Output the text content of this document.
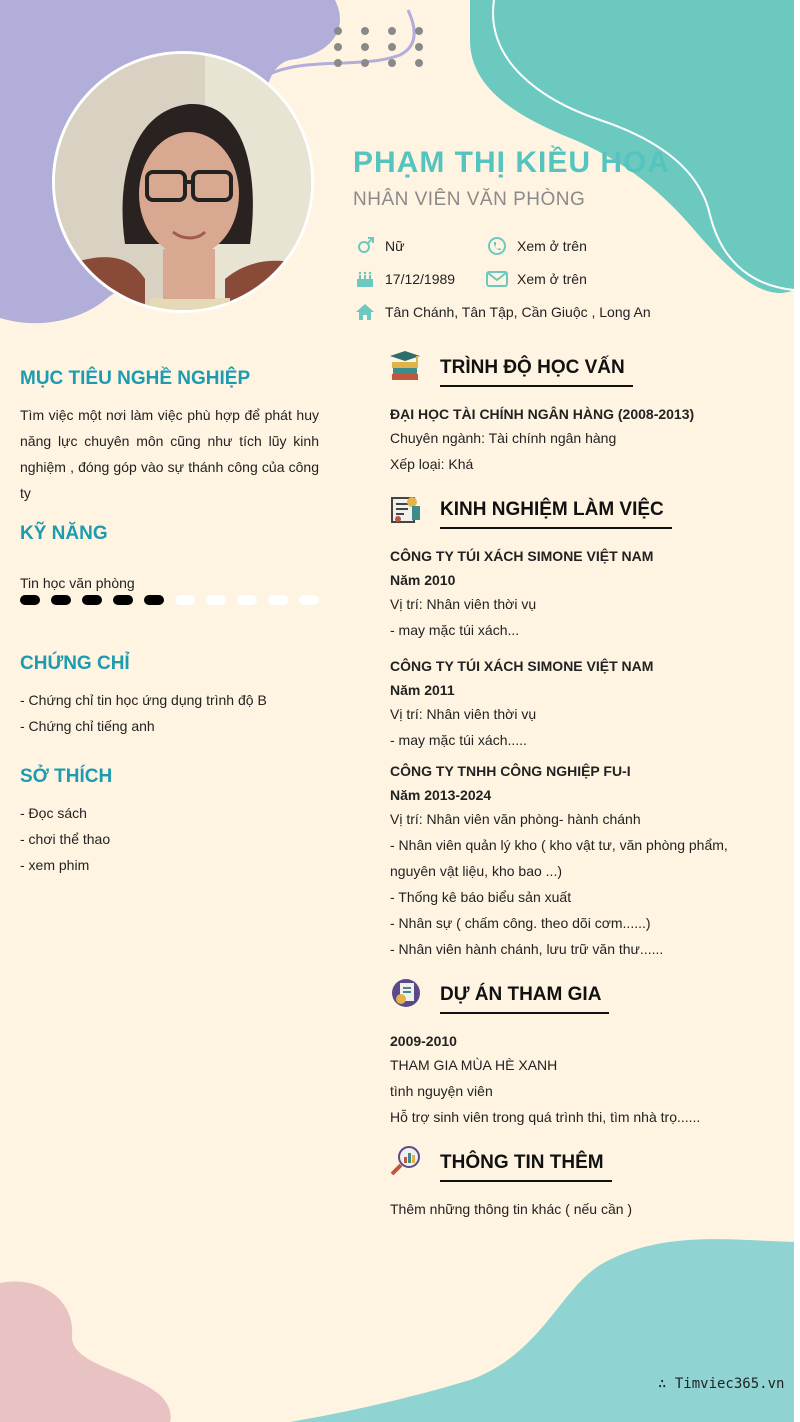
PHẠM THỊ KIỀU HOA
NHÂN VIÊN VĂN PHÒNG
Nữ	Xem ở trên
17/12/1989	Xem ở trên
Tân Chánh, Tân Tập, Cần Giuộc , Long An
MỤC TIÊU NGHỀ NGHIỆP
Tìm việc một nơi làm việc phù hợp để phát huy năng lực chuyên môn cũng như tích lũy kinh nghiệm , đóng góp vào sự thánh công của công ty
KỸ NĂNG
Tin học văn phòng
CHỨNG CHỈ
- Chứng chỉ tin học ứng dụng trình độ B
- Chứng chỉ tiếng anh
SỞ THÍCH
- Đọc sách
- chơi thể thao
- xem phim
TRÌNH ĐỘ HỌC VẤN
ĐẠI HỌC TÀI CHÍNH NGÂN HÀNG (2008-2013)
Chuyên ngành: Tài chính ngân hàng
Xếp loại: Khá
KINH NGHIỆM LÀM VIỆC
CÔNG TY TÚI XÁCH SIMONE VIỆT NAM
Năm 2010
Vị trí: Nhân viên thời vụ
- may mặc túi xách...
CÔNG TY TÚI XÁCH SIMONE VIỆT NAM
Năm 2011
Vị trí: Nhân viên thời vụ
- may mặc túi xách.....
CÔNG TY TNHH CÔNG NGHIỆP FU-I
Năm 2013-2024
Vị trí: Nhân viên văn phòng- hành chánh
- Nhân viên quản lý kho ( kho vật tư, văn phòng phẩm,
nguyên vật liệu, kho bao ...)
- Thống kê báo biểu sản xuất
- Nhân sự ( chấm công. theo dõi cơm......)
- Nhân viên hành chánh, lưu trữ văn thư......
DỰ ÁN THAM GIA
2009-2010
THAM GIA MÙA HÈ XANH
tình nguyện viên
Hỗ trợ sinh viên trong quá trình thi, tìm nhà trọ......
THÔNG TIN THÊM
Thêm những thông tin khác ( nếu cần )
∴ Timviec365.vn
